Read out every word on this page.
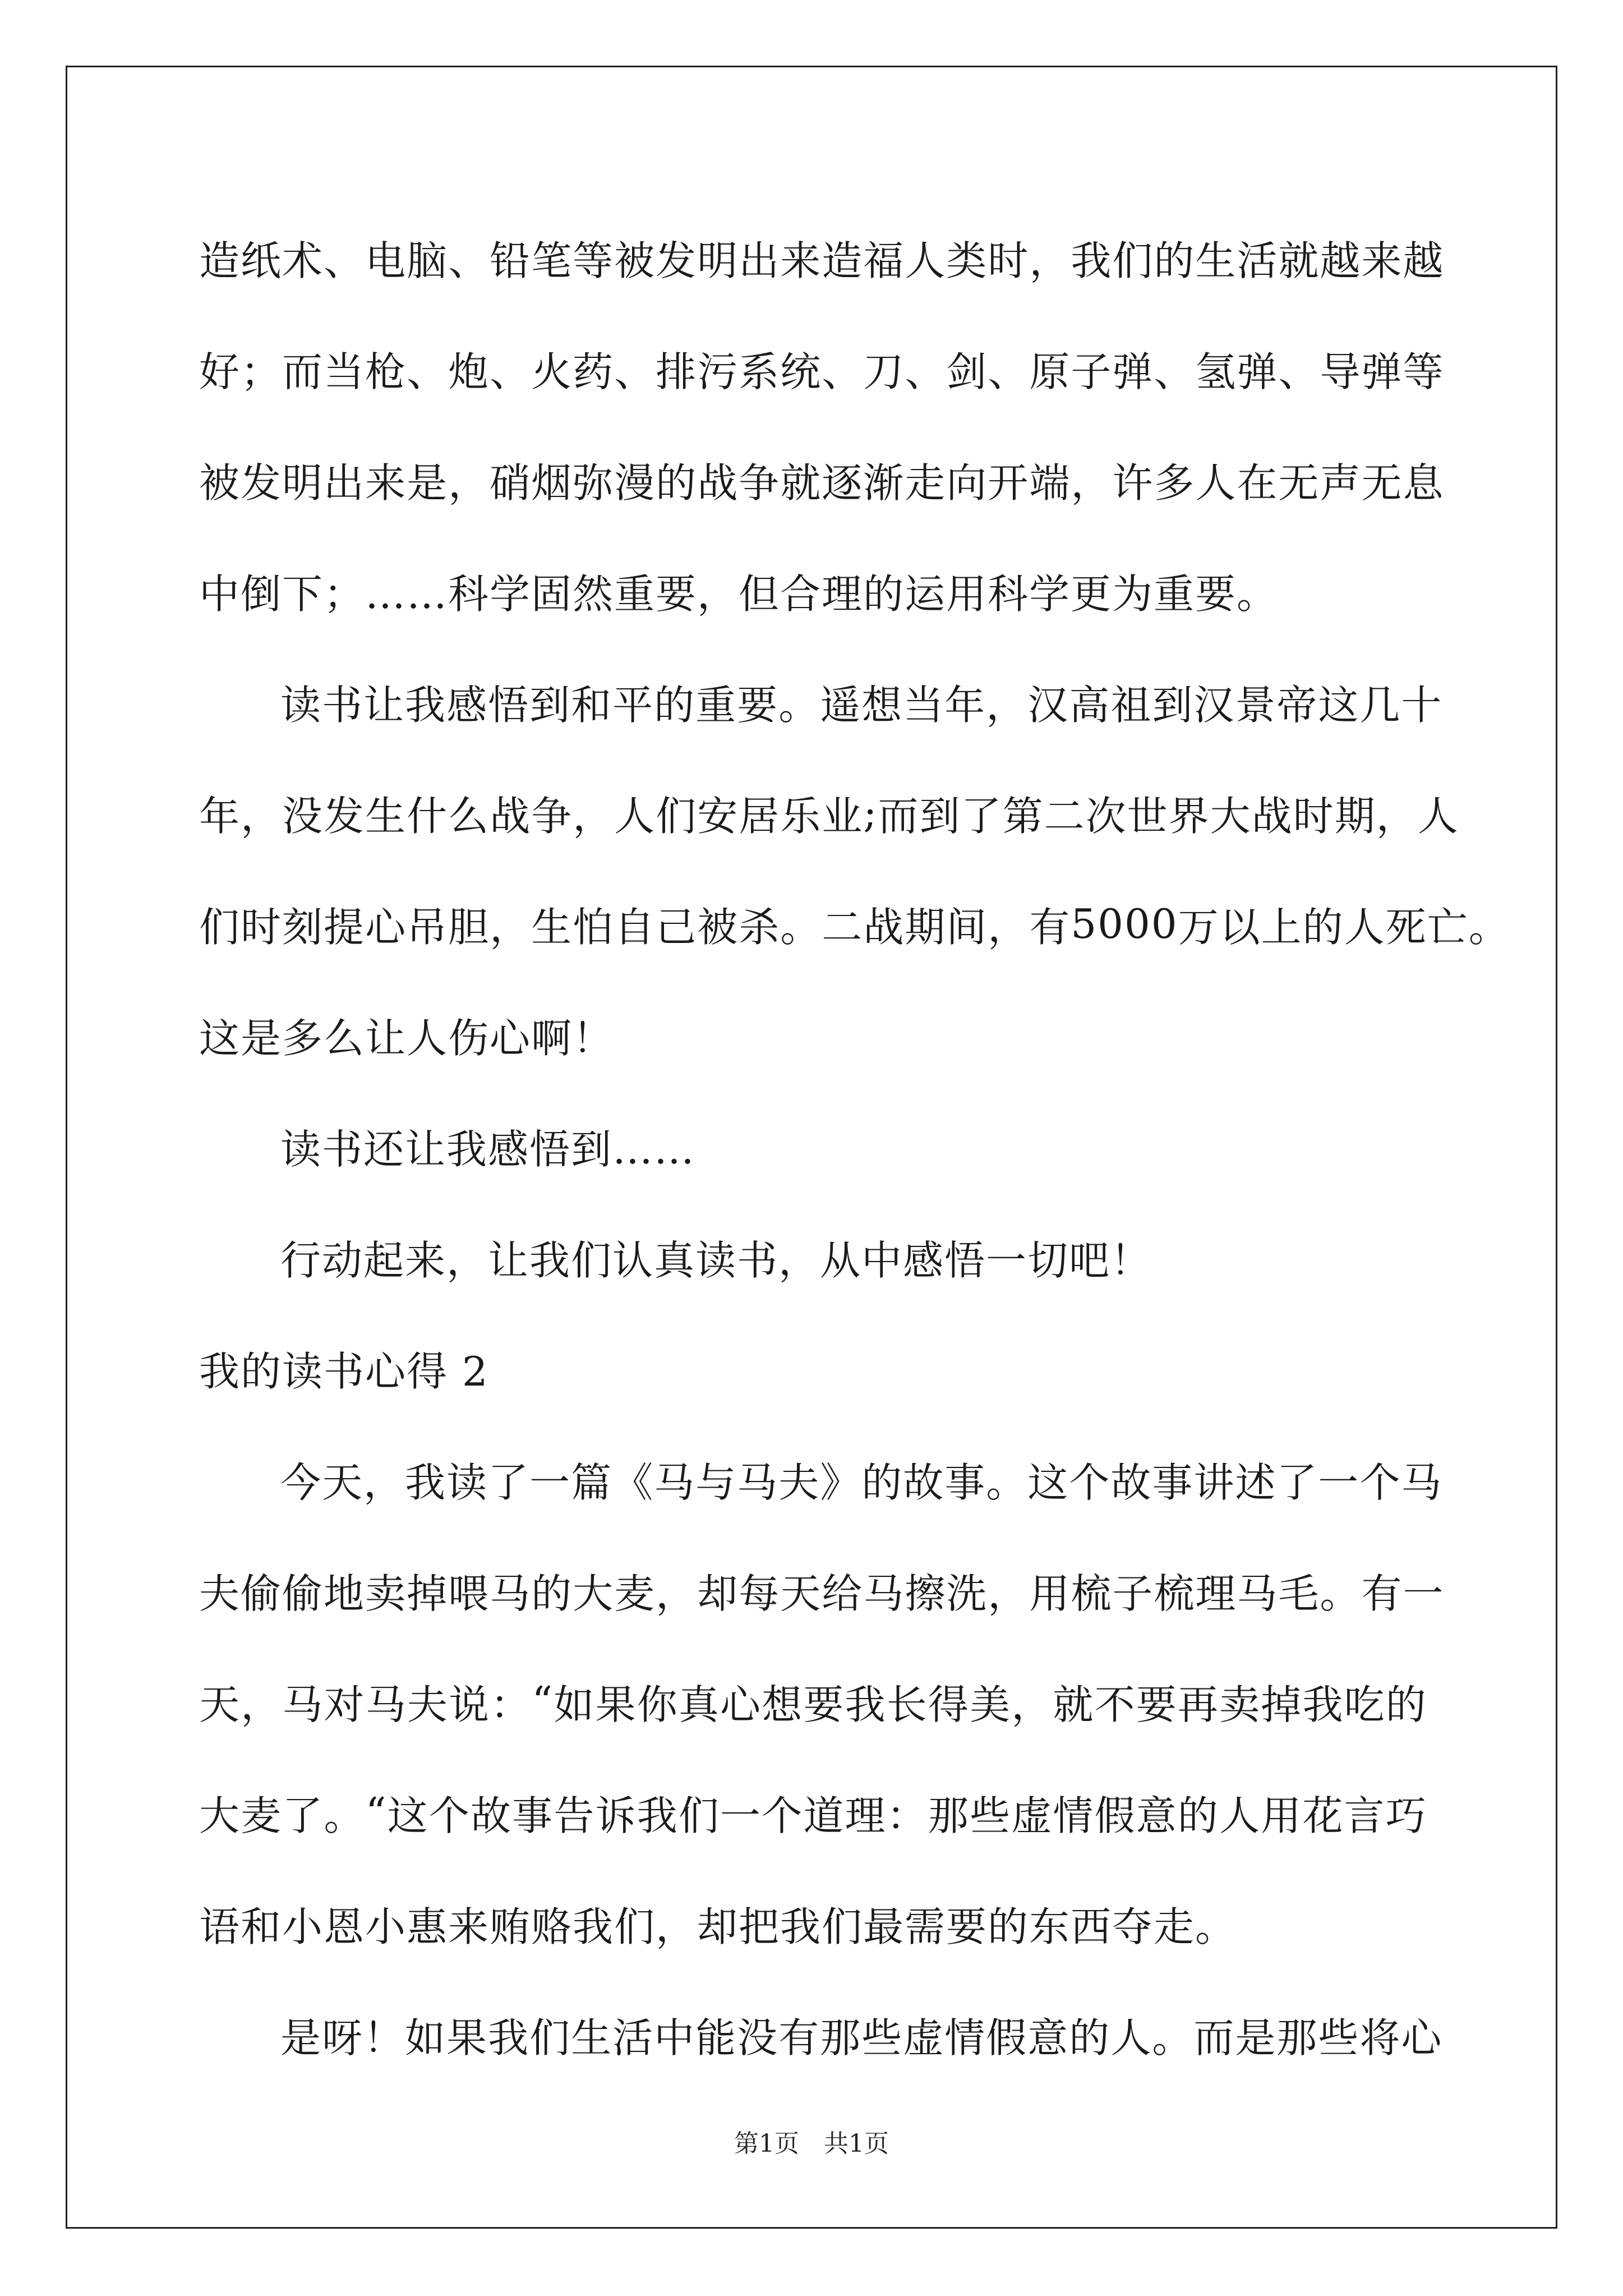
造 纸 术 、 电 脑 、 铅 笔 等 被 发 明 出 来 造 福 人 类 时 ， 我 们 的 生 活 就 越 来 越
好 ； 而 当 枪 、 炮 、 火 药 、 排 污 系 统 、 刀 、 剑 、 原 子 弹 、 氢 弹 、 导 弹 等
被 发 明 出 来 是 ， 硝 烟 弥 漫 的 战 争 就 逐 渐 走 向 开 端 ， 许 多 人 在 无 声 无 息
中倒下；……科学固然重要，但合理的运用科学更为重要。
读 书 让 我 感 悟 到 和 平 的 重 要 。 遥 想 当 年 ， 汉 高 祖 到 汉 景 帝 这 几 十
年 ， 没 发 生 什 么 战 争 ， 人 们 安 居 乐 业 ; 而 到 了 第 二 次 世 界 大 战 时 期 ， 人
们 时 刻 提 心 吊 胆 ， 生 怕 自 己 被 杀 。 二 战 期 间 ， 有 5 0 0 0 万 以 上 的 人 死 亡 。
这是多么让人伤心啊！
读书还让我感悟到……
行动起来，让我们认真读书，从中感悟一切吧！
我的读书心得 2
今 天 ， 我 读 了 一 篇 《 马 与 马 夫 》 的 故 事 。 这 个 故 事 讲 述 了 一 个 马
夫 偷 偷 地 卖 掉 喂 马 的 大 麦 ， 却 每 天 给 马 擦 洗 ， 用 梳 子 梳 理 马 毛 。 有 一
天 ， 马 对 马 夫 说 ： “ 如 果 你 真 心 想 要 我 长 得 美 ， 就 不 要 再 卖 掉 我 吃 的
大 麦 了 。 “ 这 个 故 事 告 诉 我 们 一 个 道 理 ： 那 些 虚 情 假 意 的 人 用 花 言 巧
语和小恩小惠来贿赂我们，却把我们最需要的东西夺走。
是 呀 ！ 如 果 我 们 生 活 中 能 没 有 那 些 虚 情 假 意 的 人 。 而 是 那 些 将 心
第1页　共1页
